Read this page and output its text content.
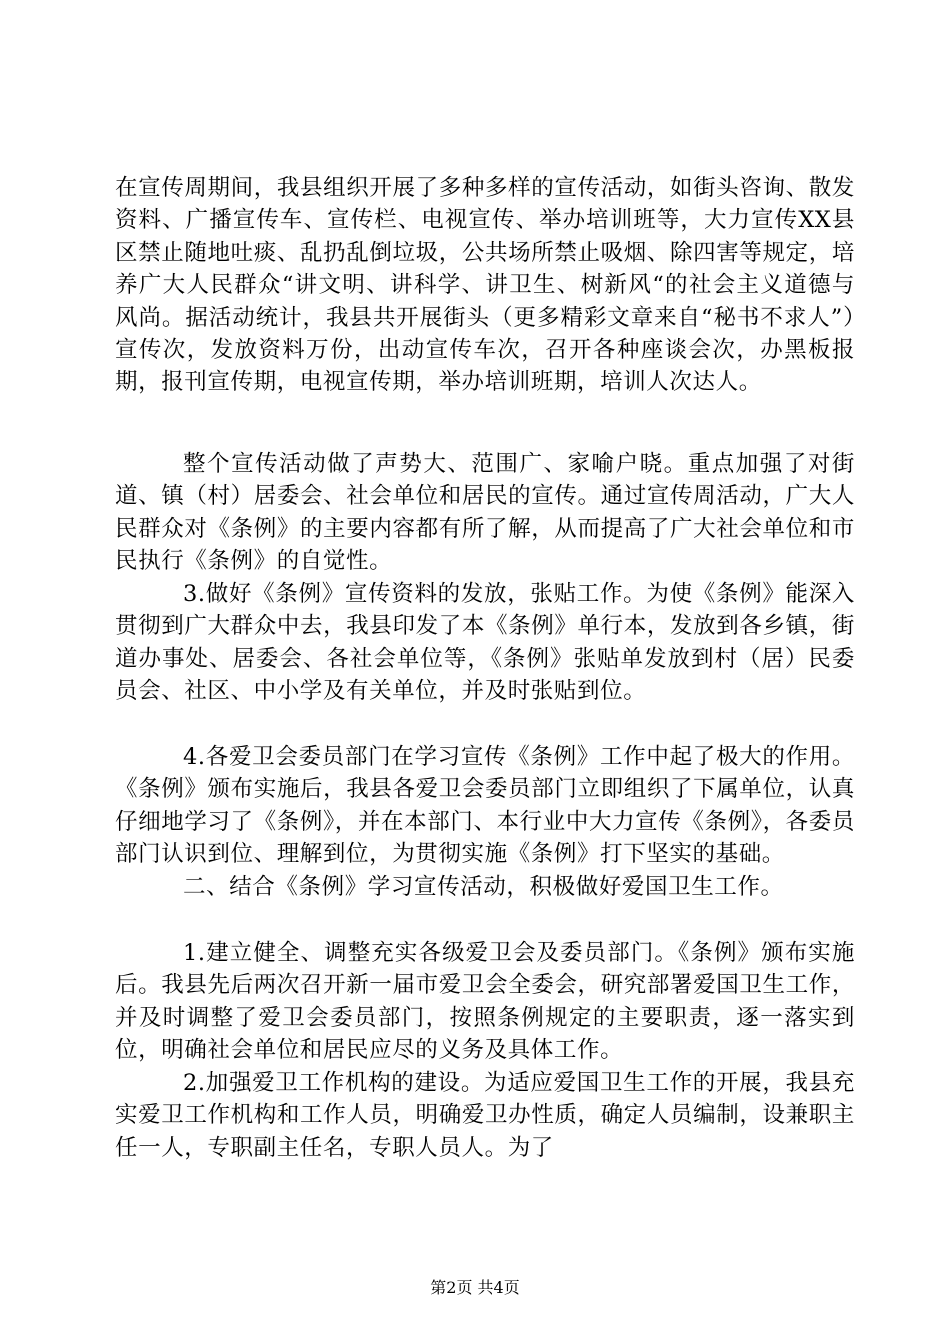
在宣传周期间，我县组织开展了多种多样的宣传活动，如街头咨询、散发资料、广播宣传车、宣传栏、电视宣传、举办培训班等，大力宣传XX县区禁止随地吐痰、乱扔乱倒垃圾，公共场所禁止吸烟、除四害等规定，培养广大人民群众“讲文明、讲科学、讲卫生、树新风“的社会主义道德与风尚。据活动统计，我县共开展街头（更多精彩文章来自“秘书不求人”）宣传次，发放资料万份，出动宣传车次，召开各种座谈会次，办黑板报期，报刊宣传期，电视宣传期，举办培训班期，培训人次达人。

整个宣传活动做了声势大、范围广、家喻户晓。重点加强了对街道、镇（村）居委会、社会单位和居民的宣传。通过宣传周活动，广大人民群众对《条例》的主要内容都有所了解，从而提高了广大社会单位和市民执行《条例》的自觉性。

3.做好《条例》宣传资料的发放，张贴工作。为使《条例》能深入贯彻到广大群众中去，我县印发了本《条例》单行本，发放到各乡镇，街道办事处、居委会、各社会单位等，《条例》张贴单发放到村（居）民委员会、社区、中小学及有关单位，并及时张贴到位。

4.各爱卫会委员部门在学习宣传《条例》工作中起了极大的作用。《条例》颁布实施后，我县各爱卫会委员部门立即组织了下属单位，认真仔细地学习了《条例》，并在本部门、本行业中大力宣传《条例》，各委员部门认识到位、理解到位，为贯彻实施《条例》打下坚实的基础。

二、结合《条例》学习宣传活动，积极做好爱国卫生工作。

1.建立健全、调整充实各级爱卫会及委员部门。《条例》颁布实施后。我县先后两次召开新一届市爱卫会全委会，研究部署爱国卫生工作，并及时调整了爱卫会委员部门，按照条例规定的主要职责，逐一落实到位，明确社会单位和居民应尽的义务及具体工作。

2.加强爱卫工作机构的建设。为适应爱国卫生工作的开展，我县充实爱卫工作机构和工作人员，明确爱卫办性质，确定人员编制，设兼职主任一人，专职副主任名，专职人员人。为了

第2页 共4页
